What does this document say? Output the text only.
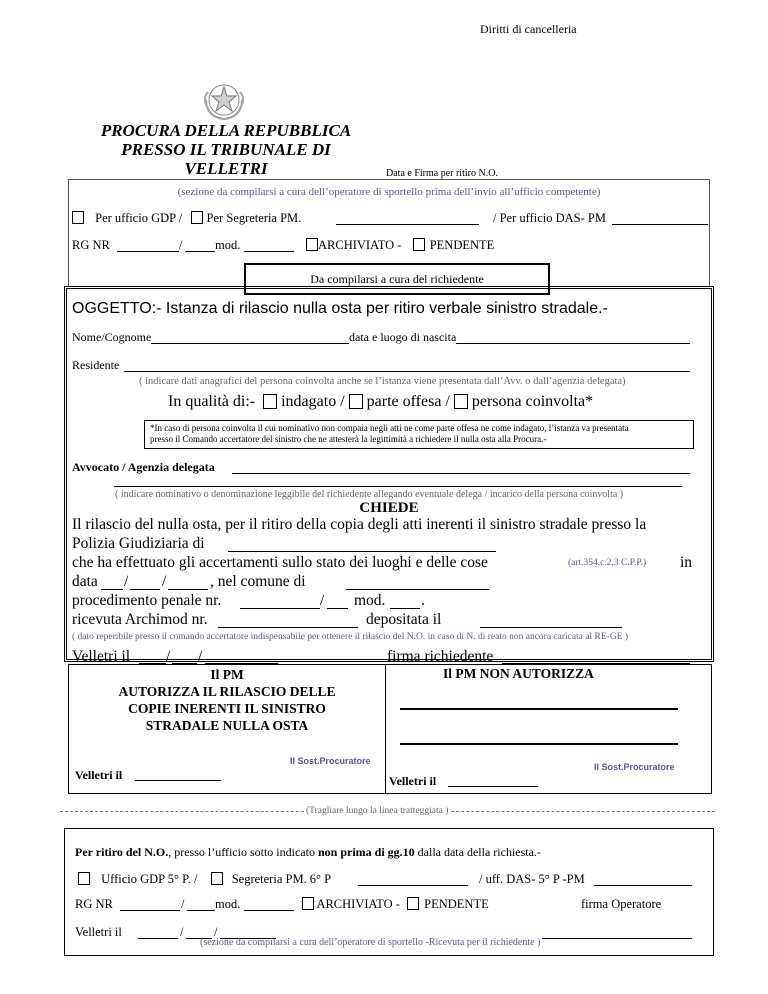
Diritti di cancelleria
PROCURA DELLA REPUBBLICA
PRESSO IL TRIBUNALE DI
VELLETRI	Data e Firma per ritiro N.O.
(sezione da compilarsi a cura dell’operatore di sportello prima dell’invio all’ufficio competente)
Per ufficio GDP / Per Segreteria PM.	/ Per ufficio DAS- PM
RG NR	/	mod.	ARCHIVIATO - PENDENTE
Da compilarsi a cura del richiedente
OGGETTO:- Istanza di rilascio nulla osta per ritiro verbale sinistro stradale.-
Nome/Cognome	data e luogo di nascita
Residente
( indicare dati anagrafici del persona coinvolta anche se l’istanza viene presentata dall’Avv. o dall’agenzia delegata)
In qualità di:- indagato / parte offesa / persona coinvolta*
*In caso di persona coinvolta il cui nominativo non compaia negli atti ne come parte offesa ne come indagato, l’istanza va presentata
presso il Comando accertatore del sinistro che ne attesterà la legittimità a richiedere il nulla osta alla Procura.-
Avvocato / Agenzia delegata
( indicare nominativo o denominazione leggibile del richiedente allegando eventuale delega / incarico della persona coinvolta )
CHIEDE
Il rilascio del nulla osta, per il ritiro della copia degli atti inerenti il sinistro stradale presso la
Polizia Giudiziaria di
che ha effettuato gli accertamenti sullo stato dei luoghi e delle cose	(art.354,c.2,3 C.P.P.) in
data / /	, nel comune di
procedimento penale nr.	/ mod. .
ricevuta Archimod nr.	depositata il
( dato reperibile presso il comando accertatore indispensabile per ottenere il rilascio del N.O. in caso di N. di reato non ancora caricata al RE-GE )
Velletri il / /	firma richiedente
Il PM
AUTORIZZA IL RILASCIO DELLE
COPIE INERENTI IL SINISTRO
STRADALE NULLA OSTA
Il Sost.Procuratore
Velletri il
Il PM NON AUTORIZZA
Il Sost.Procuratore
Velletri il
(Tragliare lungo la linea tratteggiata )
Per ritiro del N.O., presso l’ufficio sotto indicato non prima di gg.10 dalla data della richiesta.-
Ufficio GDP 5° P. /	Segreteria PM. 6° P	/ uff. DAS- 5° P -PM
RG NR	/ mod.	ARCHIVIATO - PENDENTE	firma Operatore
Velletri il	/ /
(sezione da compilarsi a cura dell’operatore di sportello -Ricevuta per il richiedente )
